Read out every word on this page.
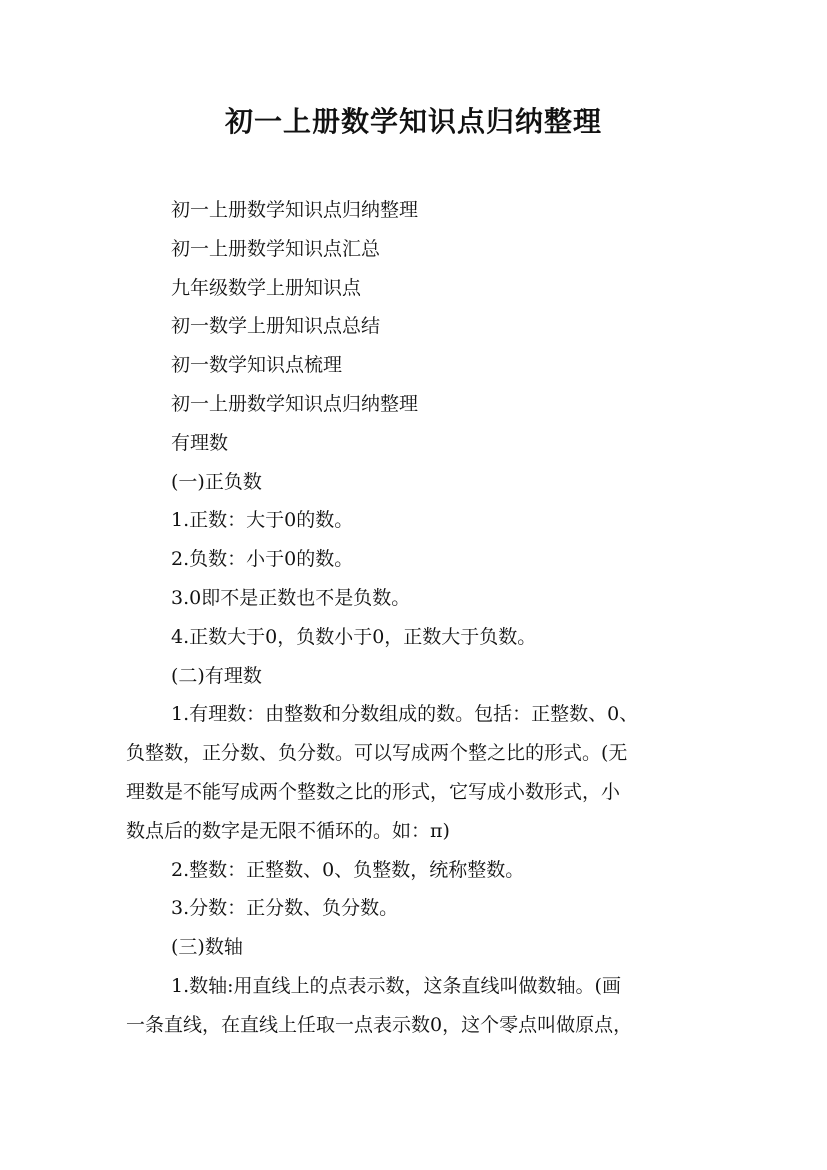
初一上册数学知识点归纳整理

初一上册数学知识点归纳整理

初一上册数学知识点汇总

九年级数学上册知识点

初一数学上册知识点总结

初一数学知识点梳理

初一上册数学知识点归纳整理

有理数

(一)正负数

1.正数：大于0的数。

2.负数：小于0的数。

3.0即不是正数也不是负数。

4.正数大于0，负数小于0，正数大于负数。

(二)有理数

1.有理数：由整数和分数组成的数。包括：正整数、0、

负整数，正分数、负分数。可以写成两个整之比的形式。(无

理数是不能写成两个整数之比的形式，它写成小数形式，小

数点后的数字是无限不循环的。如：π)

2.整数：正整数、0、负整数，统称整数。

3.分数：正分数、负分数。

(三)数轴

1.数轴:用直线上的点表示数，这条直线叫做数轴。(画

一条直线，在直线上任取一点表示数0，这个零点叫做原点，
